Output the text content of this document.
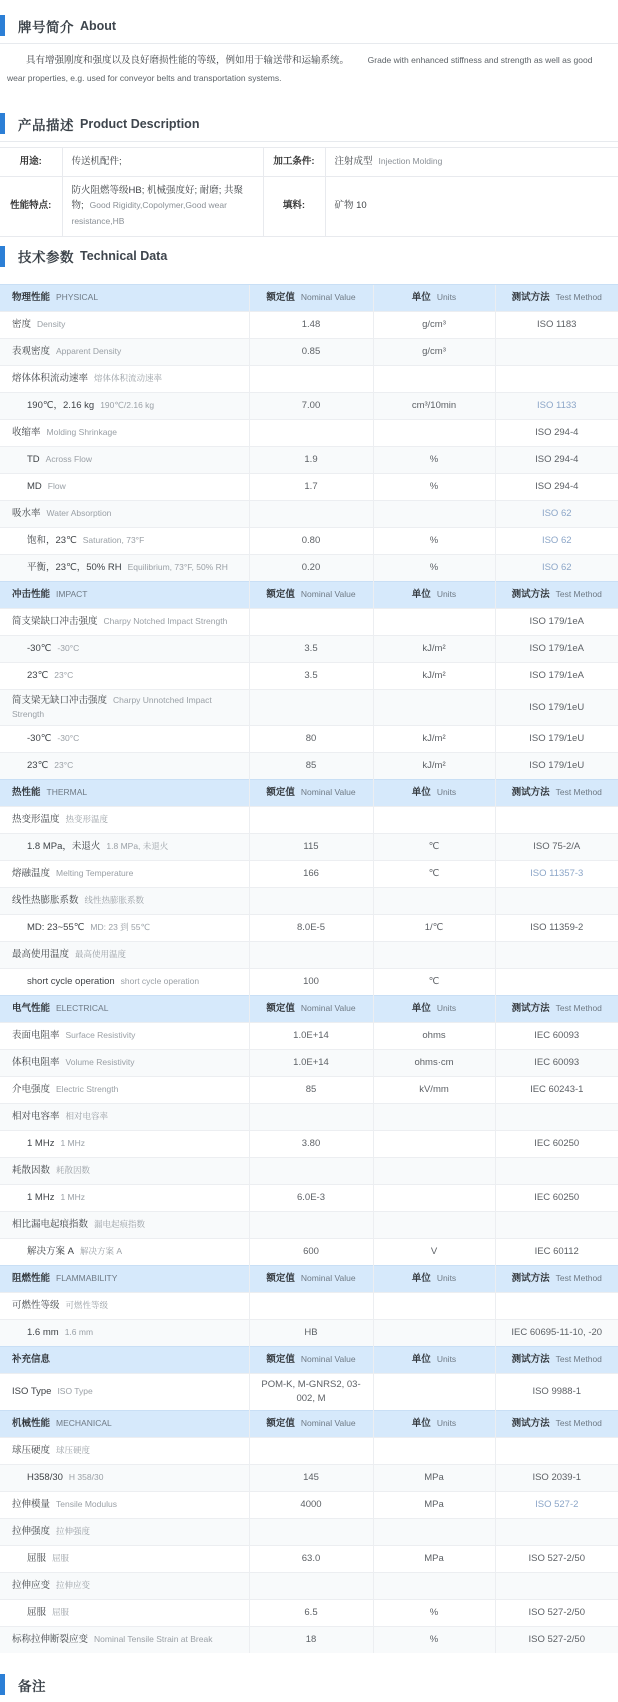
牌号简介 About

具有增强刚度和强度以及良好磨损性能的等级，例如用于输送带和运输系统。 Grade with enhanced stiffness and strength as well as good wear properties, e.g. used for conveyor belts and transportation systems.

产品描述 Product Description
用途:	传送机配件;	加工条件:	注射成型 Injection Molding
性能特点:	防火阻燃等级HB; 机械强度好; 耐磨; 共聚物; Good Rigidity,Copolymer,Good wear resistance,HB	填料:	矿物 10
技术参数 Technical Data
物理性能 PHYSICAL	额定值 Nominal Value	单位 Units	测试方法 Test Method
密度 Density	1.48	g/cm³	ISO 1183
表观密度 Apparent Density	0.85	g/cm³	
熔体体积流动速率 熔体体积流动速率			
190℃，2.16 kg 190℃/2.16 kg	7.00	cm³/10min	ISO 1133
收缩率 Molding Shrinkage			ISO 294-4
TD Across Flow	1.9	%	ISO 294-4
MD Flow	1.7	%	ISO 294-4
吸水率 Water Absorption			ISO 62
饱和，23℃ Saturation, 73°F	0.80	%	ISO 62
平衡，23℃，50% RH Equilibrium, 73°F, 50% RH	0.20	%	ISO 62
冲击性能 IMPACT	额定值 Nominal Value	单位 Units	测试方法 Test Method
简支梁缺口冲击强度 Charpy Notched Impact Strength			ISO 179/1eA
-30℃ -30°C	3.5	kJ/m²	ISO 179/1eA
23℃ 23°C	3.5	kJ/m²	ISO 179/1eA
简支梁无缺口冲击强度 Charpy Unnotched Impact Strength			ISO 179/1eU
-30℃ -30°C	80	kJ/m²	ISO 179/1eU
23℃ 23°C	85	kJ/m²	ISO 179/1eU
热性能 THERMAL	额定值 Nominal Value	单位 Units	测试方法 Test Method
热变形温度 热变形温度			
1.8 MPa，未退火 1.8 MPa, 未退火	115	℃	ISO 75-2/A
熔融温度 Melting Temperature	166	℃	ISO 11357-3
线性热膨胀系数 线性热膨胀系数			
MD: 23~55℃ MD: 23 到 55℃	8.0E-5	1/℃	ISO 11359-2
最高使用温度 最高使用温度			
short cycle operation short cycle operation	100	℃	
电气性能 ELECTRICAL	额定值 Nominal Value	单位 Units	测试方法 Test Method
表面电阻率 Surface Resistivity	1.0E+14	ohms	IEC 60093
体积电阻率 Volume Resistivity	1.0E+14	ohms·cm	IEC 60093
介电强度 Electric Strength	85	kV/mm	IEC 60243-1
相对电容率 相对电容率			
1 MHz 1 MHz	3.80		IEC 60250
耗散因数 耗散因数			
1 MHz 1 MHz	6.0E-3		IEC 60250
相比漏电起痕指数 漏电起痕指数			
解决方案 A 解决方案 A	600	V	IEC 60112
阻燃性能 FLAMMABILITY	额定值 Nominal Value	单位 Units	测试方法 Test Method
可燃性等级 可燃性等级			
1.6 mm 1.6 mm	HB		IEC 60695-11-10, -20
补充信息	额定值 Nominal Value	单位 Units	测试方法 Test Method
ISO Type ISO Type	POM-K, M-GNRS2, 03-002, M		ISO 9988-1
机械性能 MECHANICAL	额定值 Nominal Value	单位 Units	测试方法 Test Method
球压硬度 球压硬度			
H358/30 H 358/30	145	MPa	ISO 2039-1
拉伸模量 Tensile Modulus	4000	MPa	ISO 527-2
拉伸强度 拉伸强度			
屈服 屈服	63.0	MPa	ISO 527-2/50
拉伸应变 拉伸应变			
屈服 屈服	6.5	%	ISO 527-2/50
标称拉伸断裂应变 Nominal Tensile Strain at Break	18	%	ISO 527-2/50
备注
